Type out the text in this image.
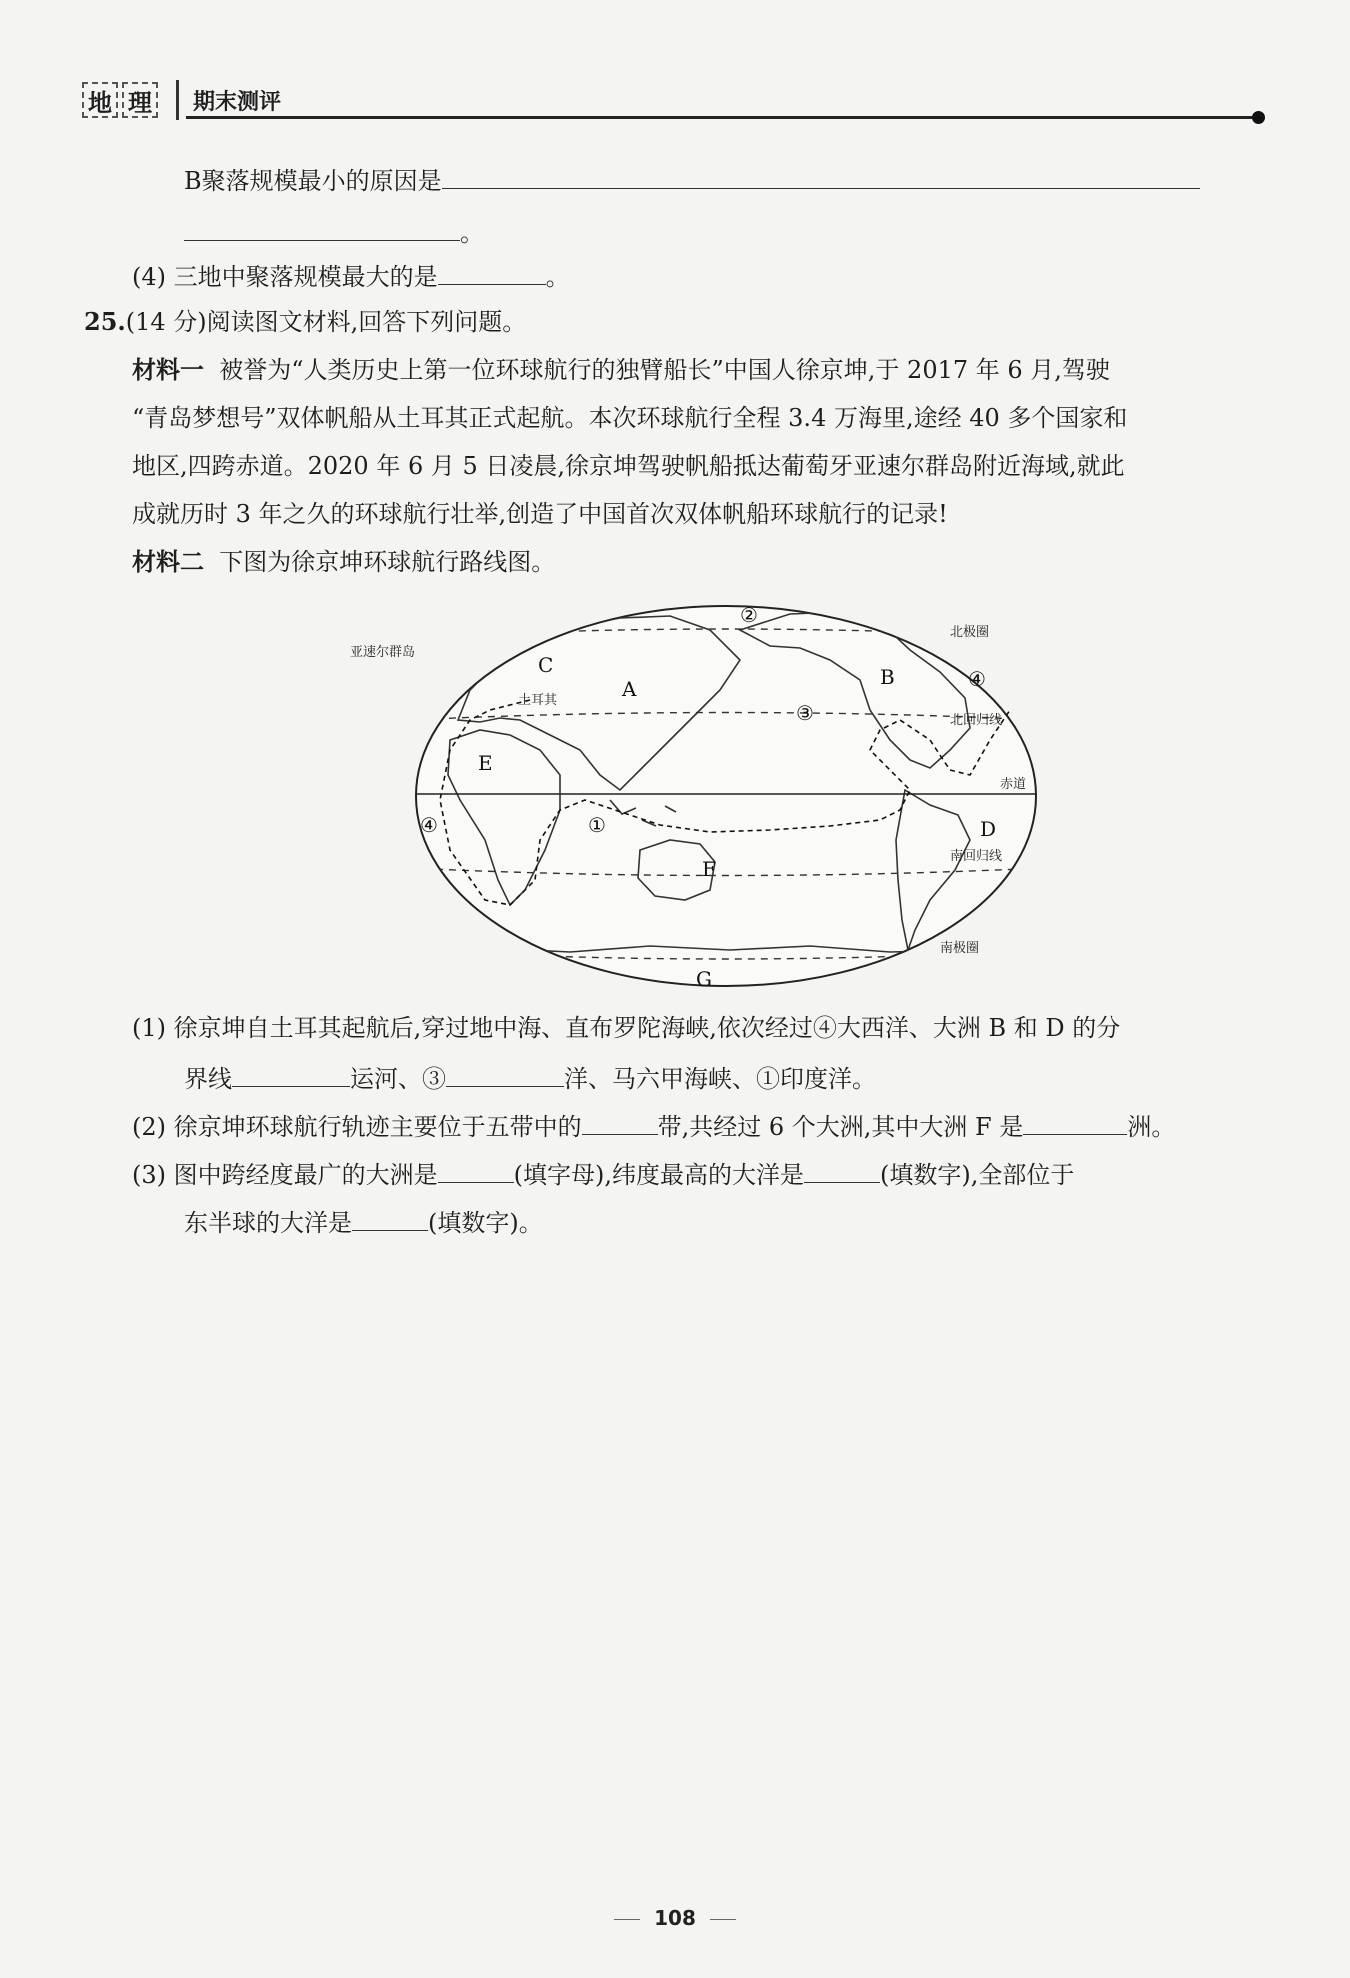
地 理 期末测评
B聚落规模最小的原因是
。
(4) 三地中聚落规模最大的是	。
25.(14 分)阅读图文材料,回答下列问题。
材料一 被誉为“人类历史上第一位环球航行的独臂船长”中国人徐京坤,于 2017 年 6 月,驾驶
“青岛梦想号”双体帆船从土耳其正式起航。本次环球航行全程 3.4 万海里,途经 40 多个国家和
地区,四跨赤道。2020 年 6 月 5 日凌晨,徐京坤驾驶帆船抵达葡萄牙亚速尔群岛附近海域,就此
成就历时 3 年之久的环球航行壮举,创造了中国首次双体帆船环球航行的记录!
材料二 下图为徐京坤环球航行路线图。
亚速尔群岛
土耳其
北极圈
北回归线
赤道
南回归线
南极圈
A	B
C
D
E
F
G
①
②
③
④
④
(1) 徐京坤自土耳其起航后,穿过地中海、直布罗陀海峡,依次经过④大西洋、大洲 B 和 D 的分
界线	运河、③	洋、马六甲海峡、①印度洋。
(2) 徐京坤环球航行轨迹主要位于五带中的	带,共经过 6 个大洲,其中大洲 F 是	洲。
(3) 图中跨经度最广的大洲是	(填字母),纬度最高的大洋是	(填数字),全部位于
东半球的大洋是	(填数字)。
108
